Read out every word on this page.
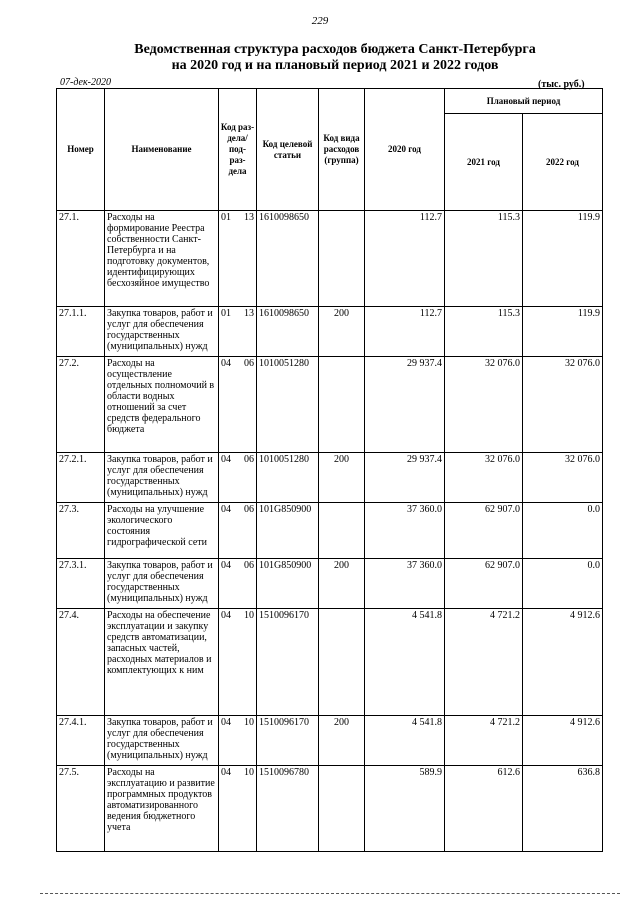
229
Ведомственная структура расходов бюджета Санкт-Петербурга
на 2020 год и на плановый период 2021 и 2022 годов
07-дек-2020	(тыс. руб.)
Номер	Наименование	Код раз- дела/ под- раз- дела		Код целевой статьи	Код вида расходов (группа)	2020 год	Плановый период	
							2021 год	2022 год
27.1.	Расходы на формирование Реестра собственности Санкт-Петербурга и на подготовку документов, идентифицирующих бесхозяйное имущество	01	13	1610098650		112.7	115.3	119.9
27.1.1.	Закупка товаров, работ и услуг для обеспечения государственных (муниципальных) нужд	01	13	1610098650	200	112.7	115.3	119.9
27.2.	Расходы на осуществление отдельных полномочий в области водных отношений за счет средств федерального бюджета	04	06	1010051280		29 937.4	32 076.0	32 076.0
27.2.1.	Закупка товаров, работ и услуг для обеспечения государственных (муниципальных) нужд	04	06	1010051280	200	29 937.4	32 076.0	32 076.0
27.3.	Расходы на улучшение экологического состояния гидрографической сети	04	06	101G850900		37 360.0	62 907.0	0.0
27.3.1.	Закупка товаров, работ и услуг для обеспечения государственных (муниципальных) нужд	04	06	101G850900	200	37 360.0	62 907.0	0.0
27.4.	Расходы на обеспечение эксплуатации и закупку средств автоматизации, запасных частей, расходных материалов и комплектующих к ним	04	10	1510096170		4 541.8	4 721.2	4 912.6
27.4.1.	Закупка товаров, работ и услуг для обеспечения государственных (муниципальных) нужд	04	10	1510096170	200	4 541.8	4 721.2	4 912.6
27.5.	Расходы на эксплуатацию и развитие программных продуктов автоматизированного ведения бюджетного учета	04	10	1510096780		589.9	612.6	636.8
